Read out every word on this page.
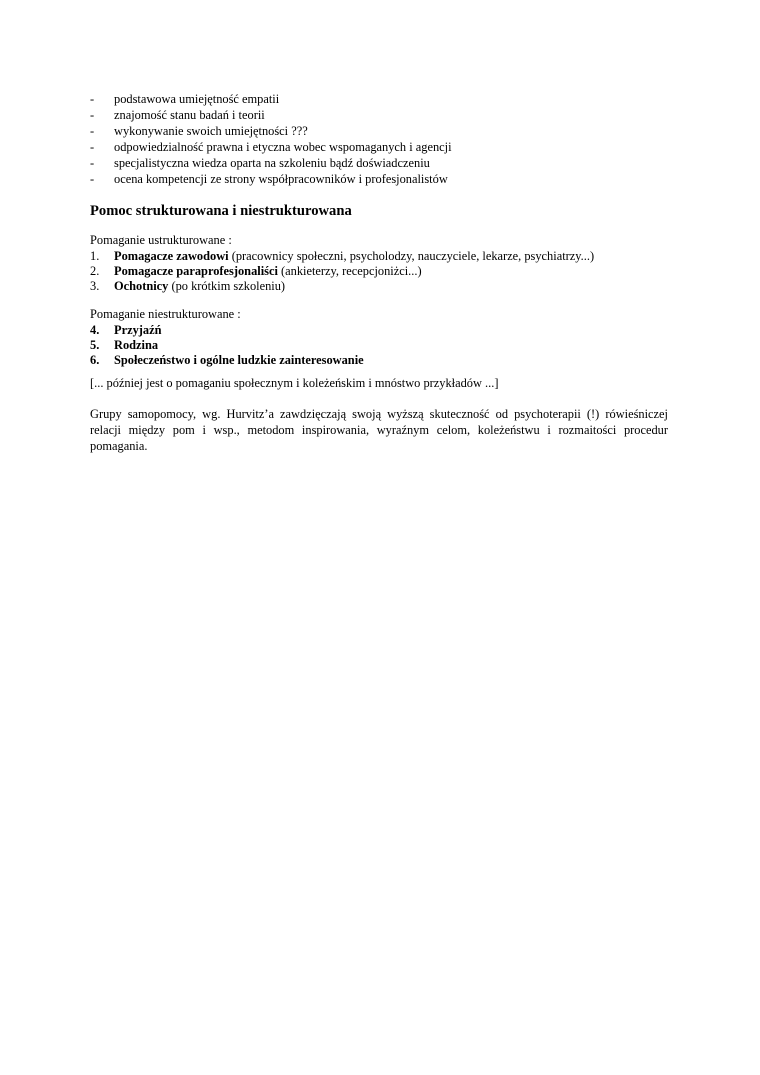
-	podstawowa umiejętność empatii
-	znajomość stanu badań i teorii
-	wykonywanie swoich umiejętności ???
-	odpowiedzialność prawna i etyczna wobec wspomaganych i agencji
-	specjalistyczna wiedza oparta na szkoleniu bądź doświadczeniu
-	ocena kompetencji ze strony współpracowników i profesjonalistów
Pomoc strukturowana i niestrukturowana
Pomaganie ustrukturowane :
1. Pomagacze zawodowi (pracownicy społeczni, psycholodzy, nauczyciele, lekarze, psychiatrzy...)
2. Pomagacze paraprofesjonaliści (ankieterzy, recepcjoniżci...)
3. Ochotnicy (po krótkim szkoleniu)
Pomaganie niestrukturowane :
4. Przyjaźń
5. Rodzina
6. Społeczeństwo i ogólne ludzkie zainteresowanie
[... później jest o pomaganiu społecznym i koleżeńskim i mnóstwo przykładów ...]

Grupy samopomocy, wg. Hurvitz’a zawdzięczają swoją wyższą skuteczność od psychoterapii (!) rówieśniczej relacji między pom i wsp., metodom inspirowania, wyraźnym celom, koleżeństwu i rozmaitości procedur pomagania.
